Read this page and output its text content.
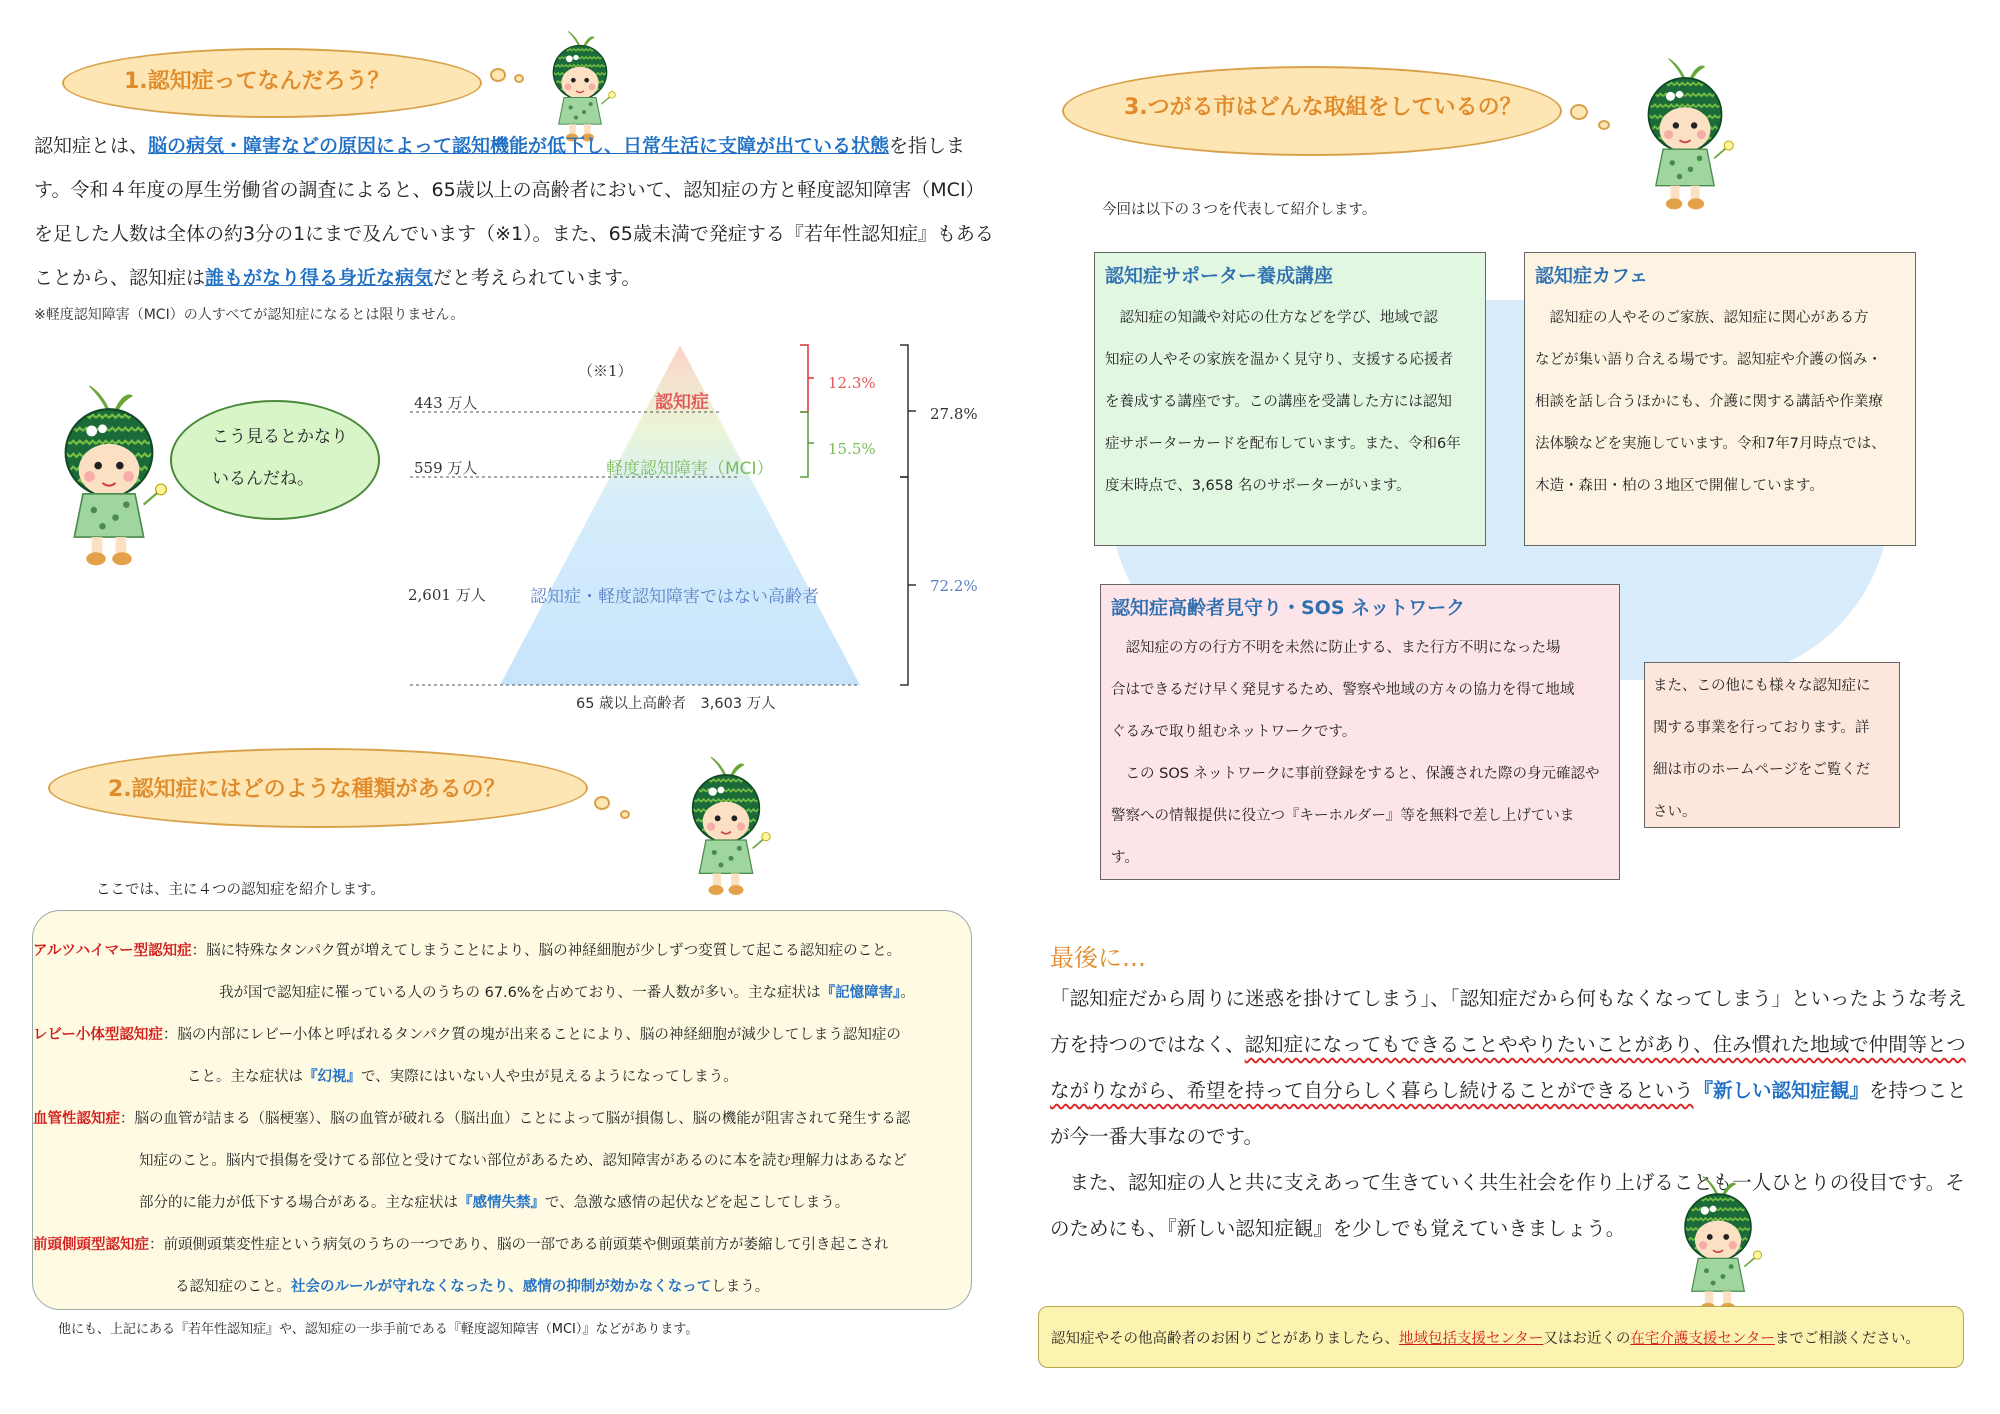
1.認知症ってなんだろう？
認知症とは、脳の病気・障害などの原因によって認知機能が低下し、日常生活に支障が出ている状態を指します。令和４年度の厚生労働省の調査によると、65歳以上の高齢者において、認知症の方と軽度認知障害（MCI）を足した人数は全体の約3分の1にまで及んでいます（※1）。また、65歳未満で発症する『若年性認知症』もあることから、認知症は誰もがなり得る身近な病気だと考えられています。
※軽度認知障害（MCI）の人すべてが認知症になるとは限りません。
こう見るとかなり
いるんだね。
（※1）
443 万人	認知症
12.3%
559 万人	軽度認知障害（MCI）
15.5%
27.8%
2,601 万人	認知症・軽度認知障害ではない高齢者
72.2%
65 歳以上高齢者　3,603 万人
2.認知症にはどのような種類があるの？
ここでは、主に４つの認知症を紹介します。
アルツハイマー型認知症：脳に特殊なタンパク質が増えてしまうことにより、脳の神経細胞が少しずつ変質して起こる認知症のこと。
我が国で認知症に罹っている人のうちの 67.6%を占めており、一番人数が多い。主な症状は『記憶障害』。
レビー小体型認知症：脳の内部にレビー小体と呼ばれるタンパク質の塊が出来ることにより、脳の神経細胞が減少してしまう認知症の
こと。主な症状は『幻視』で、実際にはいない人や虫が見えるようになってしまう。
血管性認知症：脳の血管が詰まる（脳梗塞）、脳の血管が破れる（脳出血）ことによって脳が損傷し、脳の機能が阻害されて発生する認
知症のこと。脳内で損傷を受けてる部位と受けてない部位があるため、認知障害があるのに本を読む理解力はあるなど
部分的に能力が低下する場合がある。主な症状は『感情失禁』で、急激な感情の起伏などを起こしてしまう。
前頭側頭型認知症：前頭側頭葉変性症という病気のうちの一つであり、脳の一部である前頭葉や側頭葉前方が萎縮して引き起こされ
る認知症のこと。社会のルールが守れなくなったり、感情の抑制が効かなくなってしまう。
他にも、上記にある『若年性認知症』や、認知症の一歩手前である『軽度認知障害（MCI）』などがあります。
3.つがる市はどんな取組をしているの？
今回は以下の３つを代表して紹介します。
認知症サポーター養成講座
　認知症の知識や対応の仕方などを学び、地域で認
知症の人やその家族を温かく見守り、支援する応援者
を養成する講座です。この講座を受講した方には認知
症サポーターカードを配布しています。また、令和6年
度末時点で、3,658 名のサポーターがいます。
認知症カフェ
　認知症の人やそのご家族、認知症に関心がある方
などが集い語り合える場です。認知症や介護の悩み・
相談を話し合うほかにも、介護に関する講話や作業療
法体験などを実施しています。令和7年7月時点では、
木造・森田・柏の３地区で開催しています。
認知症高齢者見守り・SOS ネットワーク
　認知症の方の行方不明を未然に防止する、また行方不明になった場
合はできるだけ早く発見するため、警察や地域の方々の協力を得て地域
ぐるみで取り組むネットワークです。
　この SOS ネットワークに事前登録をすると、保護された際の身元確認や
警察への情報提供に役立つ『キーホルダー』等を無料で差し上げていま
す。
また、この他にも様々な認知症に
関する事業を行っております。詳
細は市のホームページをご覧くだ
さい。
最後に…
「認知症だから周りに迷惑を掛けてしまう」、「認知症だから何もなくなってしまう」といったような考え方を持つのではなく、認知症になってもできることややりたいことがあり、住み慣れた地域で仲間等とつながりながら、希望を持って自分らしく暮らし続けることができるという『新しい認知症観』を持つことが今一番大事なのです。
　また、認知症の人と共に支えあって生きていく共生社会を作り上げることも一人ひとりの役目です。そのためにも、『新しい認知症観』を少しでも覚えていきましょう。
認知症やその他高齢者のお困りごとがありましたら、地域包括支援センター又はお近くの在宅介護支援センターまでご相談ください。
